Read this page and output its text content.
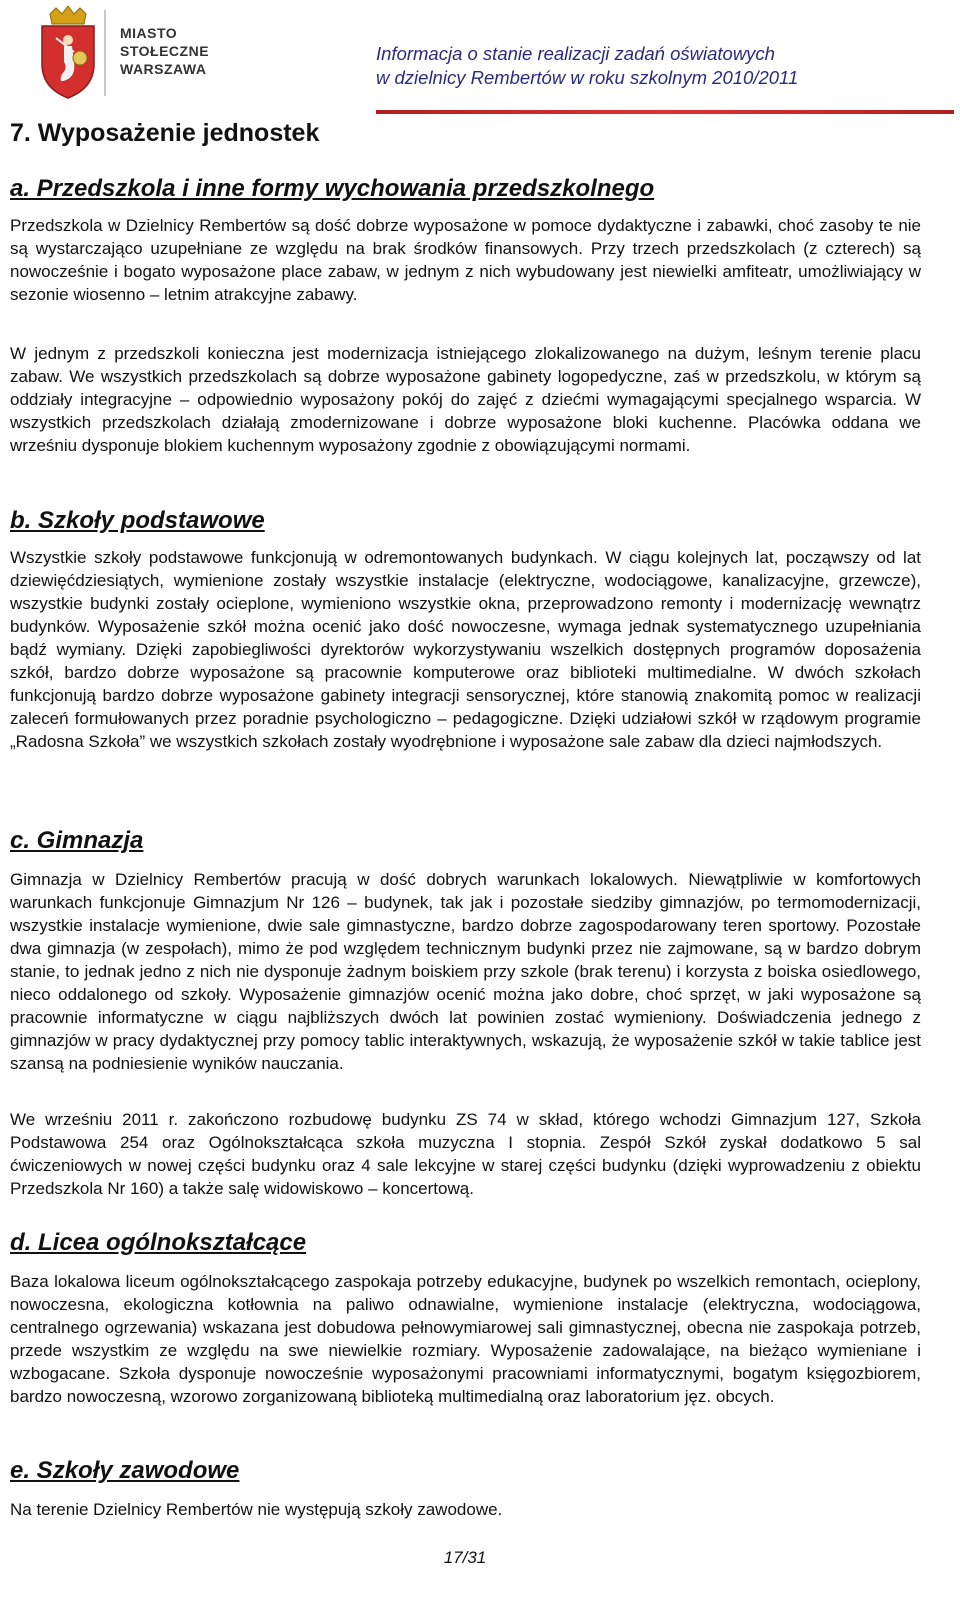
MIASTO
STOŁECZNE
WARSZAWA
Informacja o stanie realizacji zadań oświatowych
w dzielnicy Rembertów w roku szkolnym 2010/2011
7. Wyposażenie jednostek
a. Przedszkola i inne formy wychowania przedszkolnego

Przedszkola w Dzielnicy Rembertów są dość dobrze wyposażone w pomoce dydaktyczne i zabawki, choć zasoby te nie są wystarczająco uzupełniane ze względu na brak środków finansowych. Przy trzech przedszkolach (z czterech) są nowocześnie i bogato wyposażone place zabaw, w jednym z nich wybudowany jest niewielki amfiteatr, umożliwiający w sezonie wiosenno – letnim atrakcyjne zabawy.

W jednym z przedszkoli konieczna jest modernizacja istniejącego zlokalizowanego na dużym, leśnym terenie placu zabaw. We wszystkich przedszkolach są dobrze wyposażone gabinety logopedyczne, zaś w przedszkolu, w którym są oddziały integracyjne – odpowiednio wyposażony pokój do zajęć z dziećmi wymagającymi specjalnego wsparcia. W wszystkich przedszkolach działają zmodernizowane i dobrze wyposażone bloki kuchenne. Placówka oddana we wrześniu dysponuje blokiem kuchennym wyposażony zgodnie z obowiązującymi normami.

b. Szkoły podstawowe

Wszystkie szkoły podstawowe funkcjonują w odremontowanych budynkach. W ciągu kolejnych lat, począwszy od lat dziewięćdziesiątych, wymienione zostały wszystkie instalacje (elektryczne, wodociągowe, kanalizacyjne, grzewcze), wszystkie budynki zostały ocieplone, wymieniono wszystkie okna, przeprowadzono remonty i modernizację wewnątrz budynków. Wyposażenie szkół można ocenić jako dość nowoczesne, wymaga jednak systematycznego uzupełniania bądź wymiany. Dzięki zapobiegliwości dyrektorów wykorzystywaniu wszelkich dostępnych programów doposażenia szkół, bardzo dobrze wyposażone są pracownie komputerowe oraz biblioteki multimedialne. W dwóch szkołach funkcjonują bardzo dobrze wyposażone gabinety integracji sensorycznej, które stanowią znakomitą pomoc w realizacji zaleceń formułowanych przez poradnie psychologiczno – pedagogiczne. Dzięki udziałowi szkół w rządowym programie „Radosna Szkoła” we wszystkich szkołach zostały wyodrębnione i wyposażone sale zabaw dla dzieci najmłodszych.

c. Gimnazja

Gimnazja w Dzielnicy Rembertów pracują w dość dobrych warunkach lokalowych. Niewątpliwie w komfortowych warunkach funkcjonuje Gimnazjum Nr 126 – budynek, tak jak i pozostałe siedziby gimnazjów, po termomodernizacji, wszystkie instalacje wymienione, dwie sale gimnastyczne, bardzo dobrze zagospodarowany teren sportowy. Pozostałe dwa gimnazja (w zespołach), mimo że pod względem technicznym budynki przez nie zajmowane, są w bardzo dobrym stanie, to jednak jedno z nich nie dysponuje żadnym boiskiem przy szkole (brak terenu) i korzysta z boiska osiedlowego, nieco oddalonego od szkoły. Wyposażenie gimnazjów ocenić można jako dobre, choć sprzęt, w jaki wyposażone są pracownie informatyczne w ciągu najbliższych dwóch lat powinien zostać wymieniony. Doświadczenia jednego z gimnazjów w pracy dydaktycznej przy pomocy tablic interaktywnych, wskazują, że wyposażenie szkół w takie tablice jest szansą na podniesienie wyników nauczania.

We wrześniu 2011 r. zakończono rozbudowę budynku ZS 74 w skład, którego wchodzi Gimnazjum 127, Szkoła Podstawowa 254 oraz Ogólnokształcąca szkoła muzyczna I stopnia. Zespół Szkół zyskał dodatkowo 5 sal ćwiczeniowych w nowej części budynku oraz 4 sale lekcyjne w starej części budynku (dzięki wyprowadzeniu z obiektu Przedszkola Nr 160) a także salę widowiskowo – koncertową.

d. Licea ogólnokształcące

Baza lokalowa liceum ogólnokształcącego zaspokaja potrzeby edukacyjne, budynek po wszelkich remontach, ocieplony, nowoczesna, ekologiczna kotłownia na paliwo odnawialne, wymienione instalacje (elektryczna, wodociągowa, centralnego ogrzewania) wskazana jest dobudowa pełnowymiarowej sali gimnastycznej, obecna nie zaspokaja potrzeb, przede wszystkim ze względu na swe niewielkie rozmiary. Wyposażenie zadowalające, na bieżąco wymieniane i wzbogacane. Szkoła dysponuje nowocześnie wyposażonymi pracowniami informatycznymi, bogatym księgozbiorem, bardzo nowoczesną, wzorowo zorganizowaną biblioteką multimedialną oraz laboratorium jęz. obcych.

e. Szkoły zawodowe

Na terenie Dzielnicy Rembertów nie występują szkoły zawodowe.

17/31
